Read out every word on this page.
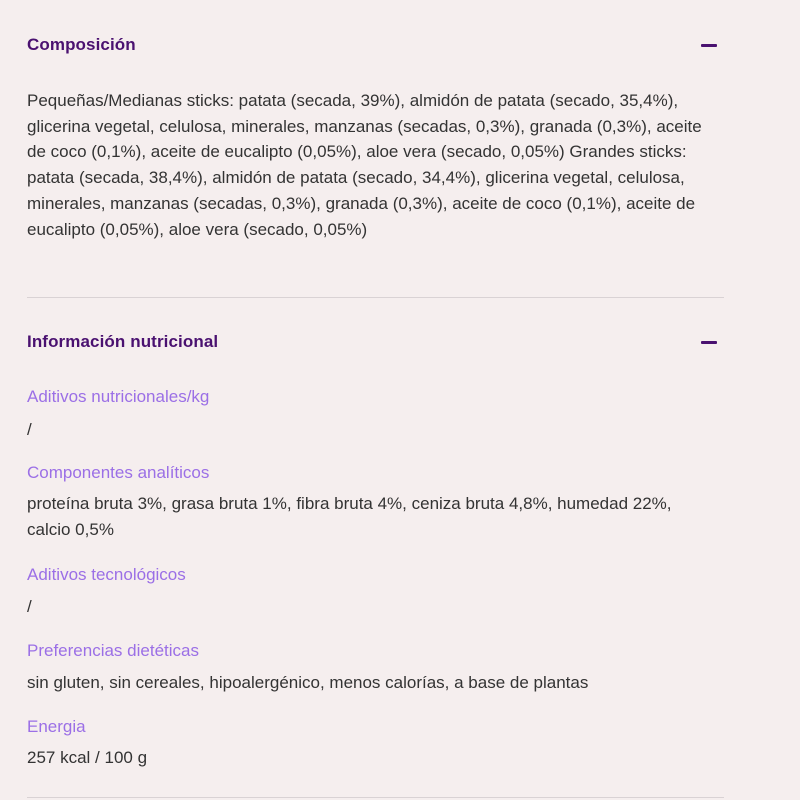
Composición
Pequeñas/Medianas sticks: patata (secada, 39%), almidón de patata (secado, 35,4%), glicerina vegetal, celulosa, minerales, manzanas (secadas, 0,3%), granada (0,3%), aceite de coco (0,1%), aceite de eucalipto (0,05%), aloe vera (secado, 0,05%) Grandes sticks: patata (secada, 38,4%), almidón de patata (secado, 34,4%), glicerina vegetal, celulosa, minerales, manzanas (secadas, 0,3%), granada (0,3%), aceite de coco (0,1%), aceite de eucalipto (0,05%), aloe vera (secado, 0,05%)
Información nutricional
Aditivos nutricionales/kg
/
Componentes analíticos
proteína bruta 3%, grasa bruta 1%, fibra bruta 4%, ceniza bruta 4,8%, humedad 22%, calcio 0,5%
Aditivos tecnológicos
/
Preferencias dietéticas
sin gluten, sin cereales, hipoalergénico, menos calorías, a base de plantas
Energia
257 kcal / 100 g
